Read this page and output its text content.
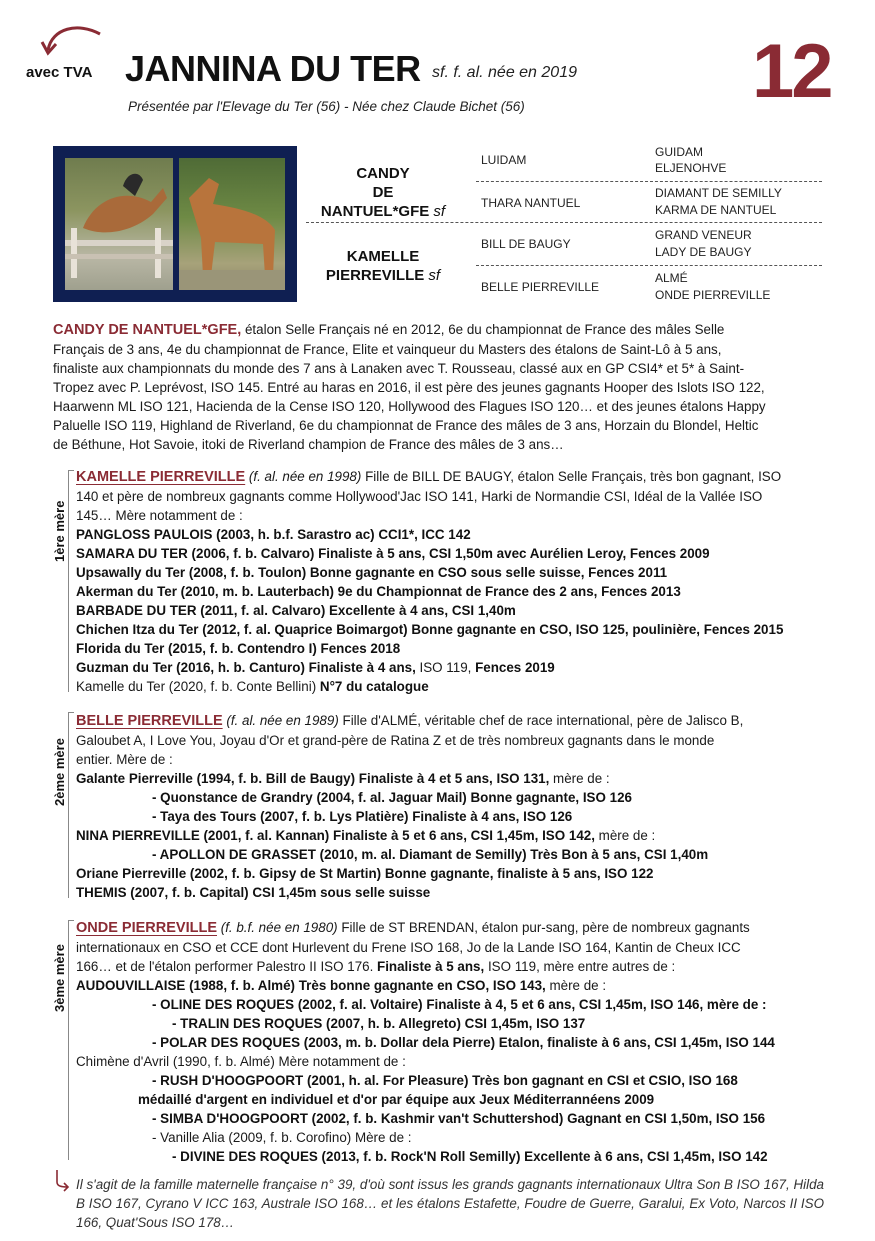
avec TVA JANNINA DU TER sf. f. al. née en 2019 12
Présentée par l'Elevage du Ter (56) - Née chez Claude Bichet (56)
CANDY
DE NANTUEL*GFE sf
KAMELLE
PIERREVILLE sf
LUIDAM
THARA NANTUEL
BILL DE BAUGY
BELLE PIERREVILLE
GUIDAM
ELJENOHVE
DIAMANT DE SEMILLY
KARMA DE NANTUEL
GRAND VENEUR
LADY DE BAUGY
ALMÉ
ONDE PIERREVILLE
CANDY DE NANTUEL*GFE, étalon Selle Français né en 2012, 6e du championnat de France des mâles Selle
Français de 3 ans, 4e du championnat de France, Elite et vainqueur du Masters des étalons de Saint-Lô à 5 ans,
finaliste aux championnats du monde des 7 ans à Lanaken avec T. Rousseau, classé aux en GP CSI4* et 5* à Saint-
Tropez avec P. Leprévost, ISO 145. Entré au haras en 2016, il est père des jeunes gagnants Hooper des Islots ISO 122,
Haarwenn ML ISO 121, Hacienda de la Cense ISO 120, Hollywood des Flagues ISO 120… et des jeunes étalons Happy
Paluelle ISO 119, Highland de Riverland, 6e du championnat de France des mâles de 3 ans, Horzain du Blondel, Heltic
de Béthune, Hot Savoie, itoki de Riverland champion de France des mâles de 3 ans…
1ère mère
KAMELLE PIERREVILLE (f. al. née en 1998) Fille de BILL DE BAUGY, étalon Selle Français, très bon gagnant, ISO
140 et père de nombreux gagnants comme Hollywood'Jac ISO 141, Harki de Normandie CSI, Idéal de la Vallée ISO
145… Mère notamment de :
PANGLOSS PAULOIS (2003, h. b.f. Sarastro ac) CCI1*, ICC 142
SAMARA DU TER (2006, f. b. Calvaro) Finaliste à 5 ans, CSI 1,50m avec Aurélien Leroy, Fences 2009
Upsawally du Ter (2008, f. b. Toulon) Bonne gagnante en CSO sous selle suisse, Fences 2011
Akerman du Ter (2010, m. b. Lauterbach) 9e du Championnat de France des 2 ans, Fences 2013
BARBADE DU TER (2011, f. al. Calvaro) Excellente à 4 ans, CSI 1,40m
Chichen Itza du Ter (2012, f. al. Quaprice Boimargot) Bonne gagnante en CSO, ISO 125, poulinière, Fences 2015
Florida du Ter (2015, f. b. Contendro I) Fences 2018
Guzman du Ter (2016, h. b. Canturo) Finaliste à 4 ans, ISO 119, Fences 2019
Kamelle du Ter (2020, f. b. Conte Bellini) N°7 du catalogue
2ème mère
BELLE PIERREVILLE (f. al. née en 1989) Fille d'ALMÉ, véritable chef de race international, père de Jalisco B,
Galoubet A, I Love You, Joyau d'Or et grand-père de Ratina Z et de très nombreux gagnants dans le monde
entier. Mère de :
Galante Pierreville (1994, f. b. Bill de Baugy) Finaliste à 4 et 5 ans, ISO 131, mère de :
- Quonstance de Grandry (2004, f. al. Jaguar Mail) Bonne gagnante, ISO 126
- Taya des Tours (2007, f. b. Lys Platière) Finaliste à 4 ans, ISO 126
NINA PIERREVILLE (2001, f. al. Kannan) Finaliste à 5 et 6 ans, CSI 1,45m, ISO 142, mère de :
- APOLLON DE GRASSET (2010, m. al. Diamant de Semilly) Très Bon à 5 ans, CSI 1,40m
Oriane Pierreville (2002, f. b. Gipsy de St Martin) Bonne gagnante, finaliste à 5 ans, ISO 122
THEMIS (2007, f. b. Capital) CSI 1,45m sous selle suisse
3ème mère
ONDE PIERREVILLE (f. b.f. née en 1980) Fille de ST BRENDAN, étalon pur-sang, père de nombreux gagnants
internationaux en CSO et CCE dont Hurlevent du Frene ISO 168, Jo de la Lande ISO 164, Kantin de Cheux ICC
166… et de l'étalon performer Palestro II ISO 176. Finaliste à 5 ans, ISO 119, mère entre autres de :
AUDOUVILLAISE (1988, f. b. Almé) Très bonne gagnante en CSO, ISO 143, mère de :
- OLINE DES ROQUES (2002, f. al. Voltaire) Finaliste à 4, 5 et 6 ans, CSI 1,45m, ISO 146, mère de :
- TRALIN DES ROQUES (2007, h. b. Allegreto) CSI 1,45m, ISO 137
- POLAR DES ROQUES (2003, m. b. Dollar dela Pierre) Etalon, finaliste à 6 ans, CSI 1,45m, ISO 144
Chimène d'Avril (1990, f. b. Almé) Mère notamment de :
- RUSH D'HOOGPOORT (2001, h. al. For Pleasure) Très bon gagnant en CSI et CSIO, ISO 168
médaillé d'argent en individuel et d'or par équipe aux Jeux Méditerrannéens 2009
- SIMBA D'HOOGPOORT (2002, f. b. Kashmir van't Schuttershod) Gagnant en CSI 1,50m, ISO 156
- Vanille Alia (2009, f. b. Corofino) Mère de :
- DIVINE DES ROQUES (2013, f. b. Rock'N Roll Semilly) Excellente à 6 ans, CSI 1,45m, ISO 142
Il s'agit de la famille maternelle française n° 39, d'où sont issus les grands gagnants internationaux Ultra Son B ISO 167, Hilda B ISO 167, Cyrano V ICC 163, Australe ISO 168… et les étalons Estafette, Foudre de Guerre, Garalui, Ex Voto, Narcos II ISO 166, Quat'Sous ISO 178…
